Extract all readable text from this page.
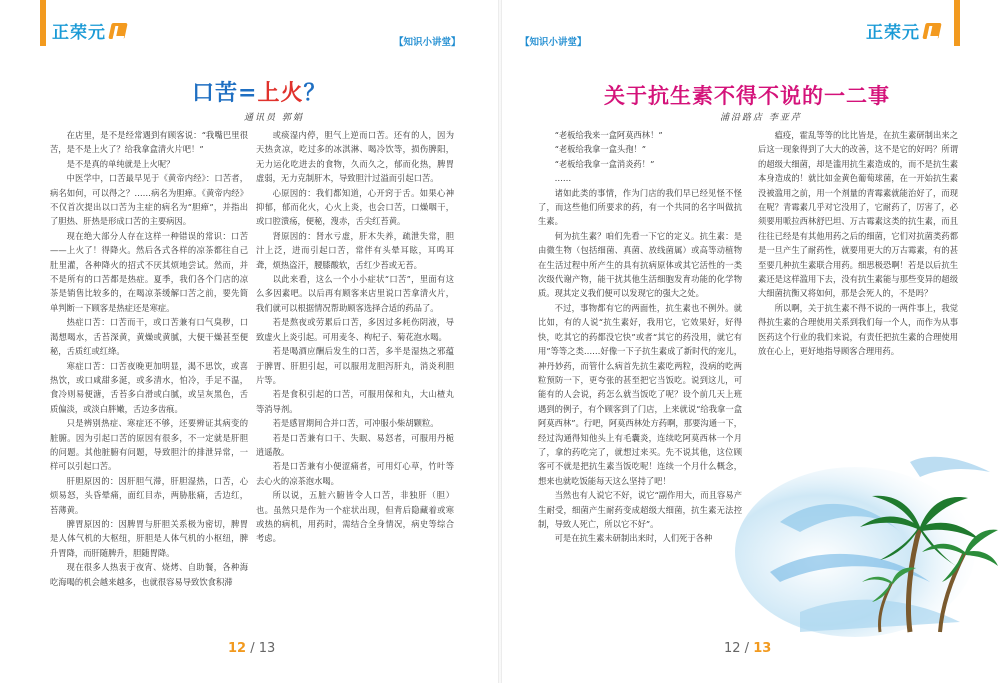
正荣元	【知识小讲堂】
口苦=上火？
通讯员 郭娟

在店里，是不是经常遇到有顾客说：“我嘴巴里很苦，是不是上火了？给我拿盒清火片吧！”

是不是真的单纯就是上火呢？

中医学中，口苦最早见于《黄帝内经》：口苦者，病名如何，可以得之？……病名为胆瘅。《黄帝内经》不仅首次提出以口苦为主症的病名为“胆瘅”，并指出了胆热、肝热是形成口苦的主要病因。

现在绝大部分人存在这样一种错误的常识：口苦——上火了！得降火。然后各式各样的凉茶都往自己肚里灌，各种降火的招式不厌其烦地尝试。然而，并不是所有的口苦都是热症。夏季，我们各个门店的凉茶是销售比较多的，在喝凉茶缓解口苦之前，要先简单判断一下顾客是热症还是寒症。

热症口苦：口苦而干，或口苦兼有口气臭秽，口渴想喝水，舌苔深黄，黄燥或黄腻，大便干燥甚至便秘，舌质红或红绛。

寒症口苦：口苦夜晚更加明显，渴不思饮，或喜热饮，或口咸甜多涎，或多清水，怕冷，手足不温，食冷则易便溏，舌苔多白滑或白腻，或呈灰黑色，舌质偏淡，或淡白胖嫩，舌边多齿痕。

只是辨别热症、寒症还不够，还要辨证其病变的脏腑。因为引起口苦的原因有很多，不一定就是肝胆的问题。其他脏腑有问题，导致胆汁的排泄异常，一样可以引起口苦。

肝胆原因的：因肝胆气滞，肝胆湿热，口苦，心烦易怒，头昏晕痛，面红目赤，两胁胀痛，舌边红，苔薄黄。

脾胃原因的：因脾胃与肝胆关系极为密切，脾胃是人体气机的大枢纽，肝胆是人体气机的小枢纽，脾升胃降，而肝随脾升，胆随胃降。

现在很多人热衷于夜宵、烧烤、自助餐，各种海吃海喝的机会越来越多，也就很容易导致饮食积滞

或痰湿内停，胆气上逆而口苦。还有的人，因为天热贪凉，吃过多的冰淇淋、喝冷饮等，损伤脾阳，无力运化吃进去的食物，久而久之，郁而化热，脾胃虚弱，无力克制肝木，导致胆汁过溢而引起口苦。

心原因的：我们都知道，心开窍于舌。如果心神抑郁，郁而化火，心火上炎，也会口苦，口燥咽干，或口腔溃疡，便秘，溲赤，舌尖红苔黄。

肾原因的：肾水亏虚，肝木失养，疏泄失常，胆汁上泛，进而引起口苦，常伴有头晕耳眩，耳鸣耳聋，烦热盗汗，腰膝酸软，舌红少苔或无苔。

以此来看，这么一个小小症状“口苦”，里面有这么多因素吧。以后再有顾客来店里说口苦拿清火片，我们就可以根据情况帮助顾客选择合适的药品了。

若是熬夜或劳累后口苦，多因过多耗伤阴液，导致虚火上炎引起。可用麦冬、枸杞子、菊花泡水喝。

若是喝酒应酬后发生的口苦，多半是湿热之邪蕴于脾胃、肝胆引起，可以服用龙胆泻肝丸，消炎利胆片等。

若是食积引起的口苦，可服用保和丸，大山楂丸等消导剂。

若是感冒期间合并口苦，可冲服小柴胡颗粒。

若是口苦兼有口干、失眠、易怒者，可服用丹栀逍遥散。

若是口苦兼有小便涩痛者，可用灯心草，竹叶等去心火的凉茶泡水喝。

所以说，五脏六腑皆令人口苦，非独肝（胆）也。虽然只是作为一个症状出现，但背后隐藏着或寒或热的病机，用药时，需结合全身情况，病史等综合考虑。

12 / 13
正荣元
【知识小讲堂】
关于抗生素不得不说的一二事
浦沿路店 李亚芹

“老板给我来一盒阿莫西林！”

“老板给我拿一盒头孢！”

“老板给我拿一盒消炎药！”

……

诸如此类的事情，作为门店的我们早已经见怪不怪了，而这些他们所要求的药，有一个共同的名字叫做抗生素。

何为抗生素？咱们先看一下它的定义。抗生素：是由微生物（包括细菌、真菌、放线菌属）或高等动植物在生活过程中所产生的具有抗病原体或其它活性的一类次级代谢产物，能干扰其他生活细胞发育功能的化学物质。现其定义我们便可以发现它的强大之处。

不过，事物都有它的两面性，抗生素也不例外。就比如，有的人说“抗生素好，我用它，它效果好，好得快，吃其它的药都没它快”或者“其它的药没用，就它有用”等等之类……好像一下子抗生素成了新时代的宠儿，神丹妙药，而管什么病首先抗生素吃两粒，没病的吃两粒预防一下，更夸张的甚至把它当饭吃。说到这儿，可能有的人会说，药怎么就当饭吃了呢？设个前几天上班遇到的例子，有个顾客到了门店，上来就说“给我拿一盒阿莫西林”。行吧，阿莫西林处方药啊，那要沟通一下，经过沟通得知他头上有毛囊炎，连续吃阿莫西林一个月了，拿的药吃完了，就想过来买。先不说其他，这位顾客可不就是把抗生素当饭吃呢！连续一个月什么概念，想来也就吃饭能每天这么坚持了吧！

当然也有人说它不好，说它“副作用大，而且容易产生耐受，细菌产生耐药变成超级大细菌，抗生素无法控制，导致人死亡，所以它不好”。

可是在抗生素未研制出来时，人们死于各种

瘟疫，霍乱等等的比比皆是，在抗生素研制出来之后这一现象得到了大大的改善，这不是它的好吗？所谓的超级大细菌，却是滥用抗生素造成的，而不是抗生素本身造成的！就比如金黄色葡萄球菌，在一开始抗生素没被滥用之前，用一个剂量的青霉素就能治好了，而现在呢？青霉素几乎对它没用了，它耐药了，厉害了，必须要用哌拉西林舒巴坦、万古霉素这类的抗生素，而且往往已经是有其他用药之后的细菌，它们对抗菌类药都是一旦产生了耐药性，就要用更大的万古霉素，有的甚至要几种抗生素联合用药。细思极恐啊！若是以后抗生素还是这样滥用下去，没有抗生素能与那些变异的超级大细菌抗衡又将如何，那是会死人的，不是吗？

所以啊，关于抗生素不得不说的一两件事上，我觉得抗生素的合理使用关系到我们每一个人，而作为从事医药这个行业的我们来说，有责任把抗生素的合理使用放在心上，更好地指导顾客合理用药。

12 / 13
